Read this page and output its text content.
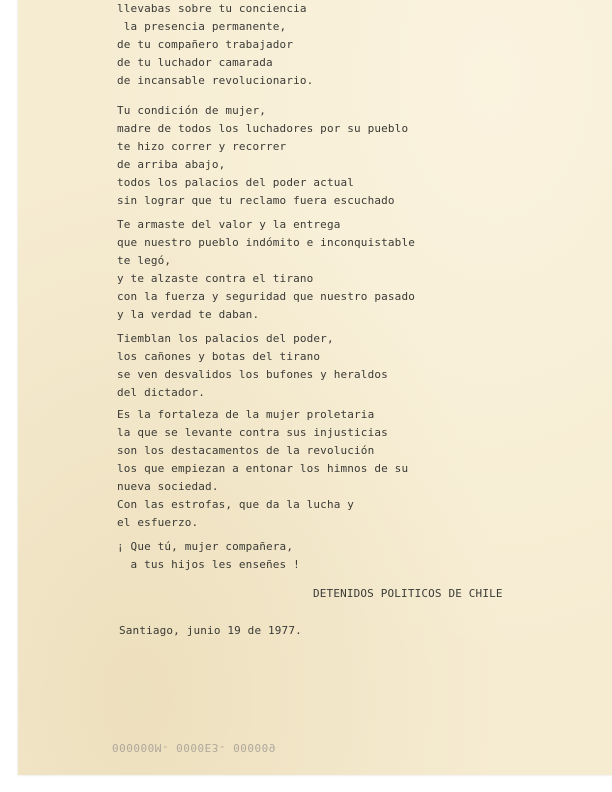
llevabas sobre tu conciencia

la presencia permanente,

de tu compañero trabajador

de tu luchador camarada

de incansable revolucionario.

Tu condición de mujer,

madre de todos los luchadores por su pueblo

te hizo correr y recorrer

de arriba abajo,

todos los palacios del poder actual

sin lograr que tu reclamo fuera escuchado

Te armaste del valor y la entrega

que nuestro pueblo indómito e inconquistable

te legó,

y te alzaste contra el tirano

con la fuerza y seguridad que nuestro pasado

y la verdad te daban.

Tiemblan los palacios del poder,

los cañones y botas del tirano

se ven desvalidos los bufones y heraldos

del dictador.

Es la fortaleza de la mujer proletaria

la que se levante contra sus injusticias

son los destacamentos de la revolución

los que empiezan a entonar los himnos de su

nueva sociedad.

Con las estrofas, que da la lucha y

el esfuerzo.

¡ Que tú, mujer compañera,

a tus hijos les enseñes !

DETENIDOS POLITICOS DE CHILE

Santiago, junio 19 de 1977.

000000M- 0000E3- 000009
